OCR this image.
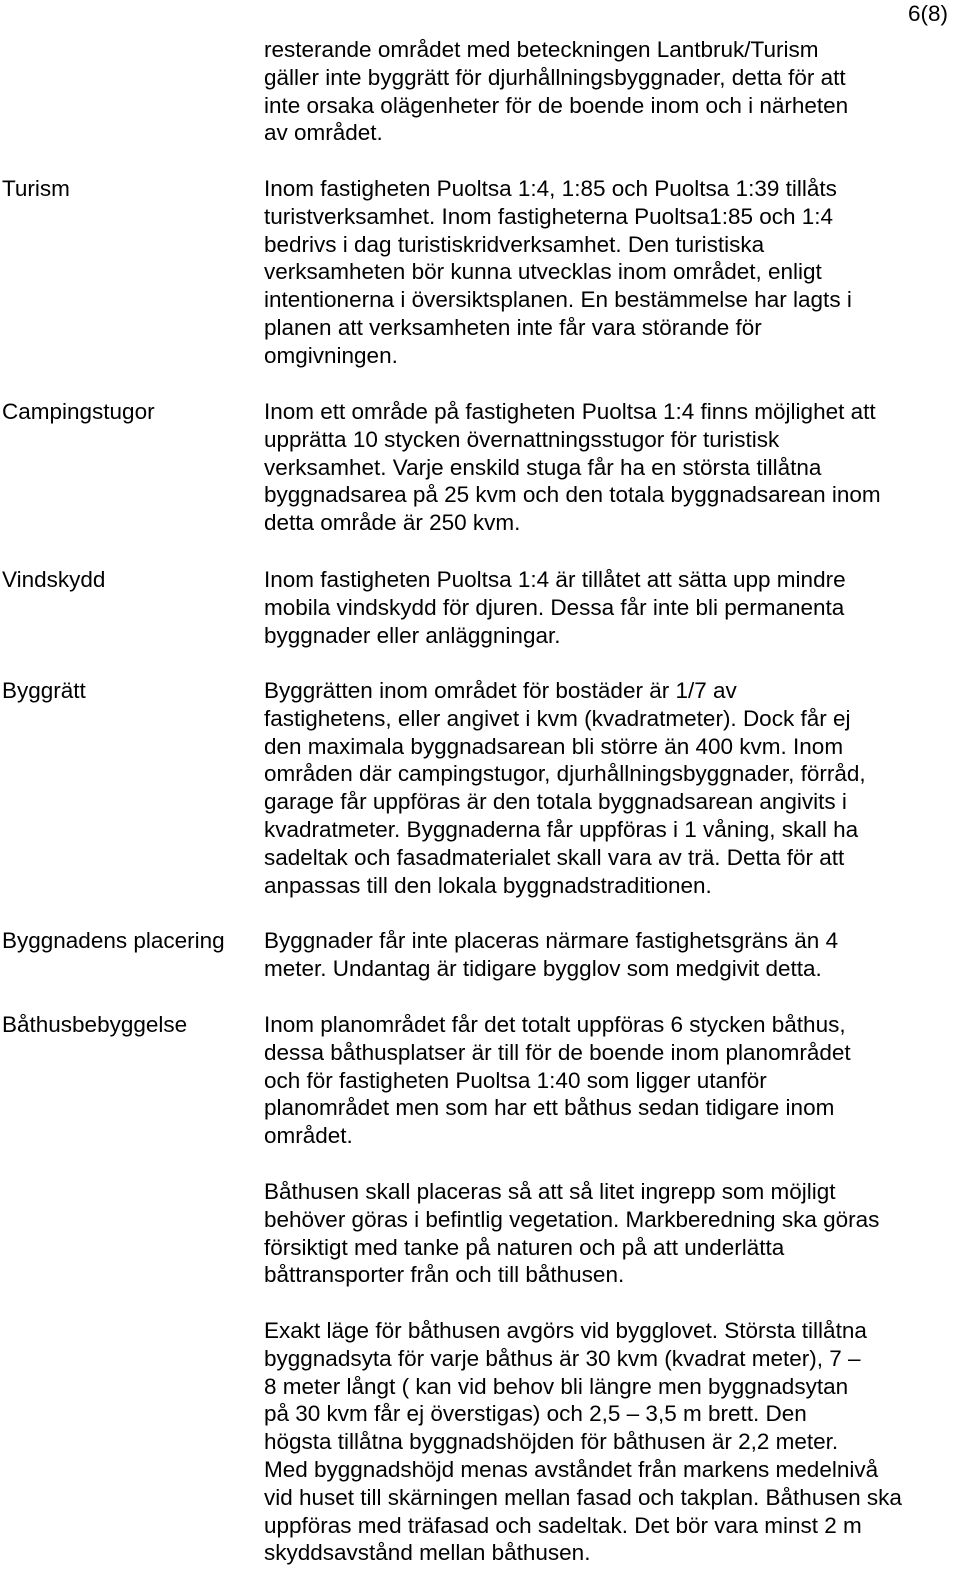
6(8)
resterande området med beteckningen Lantbruk/Turism
gäller inte byggrätt för djurhållningsbyggnader, detta för att
inte orsaka olägenheter för de boende inom och i närheten
av området.
Turism	Inom fastigheten Puoltsa 1:4, 1:85 och Puoltsa 1:39 tillåts
turistverksamhet. Inom fastigheterna Puoltsa1:85 och 1:4
bedrivs i dag turistiskridverksamhet. Den turistiska
verksamheten bör kunna utvecklas inom området, enligt
intentionerna i översiktsplanen. En bestämmelse har lagts i
planen att verksamheten inte får vara störande för
omgivningen.
Campingstugor	Inom ett område på fastigheten Puoltsa 1:4 finns möjlighet att
upprätta 10 stycken övernattningsstugor för turistisk
verksamhet. Varje enskild stuga får ha en största tillåtna
byggnadsarea på 25 kvm och den totala byggnadsarean inom
detta område är 250 kvm.
Vindskydd	Inom fastigheten Puoltsa 1:4 är tillåtet att sätta upp mindre
mobila vindskydd för djuren. Dessa får inte bli permanenta
byggnader eller anläggningar.
Byggrätt	Byggrätten inom området för bostäder är 1/7 av
fastighetens, eller angivet i kvm (kvadratmeter). Dock får ej
den maximala byggnadsarean bli större än 400 kvm. Inom
områden där campingstugor, djurhållningsbyggnader, förråd,
garage får uppföras är den totala byggnadsarean angivits i
kvadratmeter. Byggnaderna får uppföras i 1 våning, skall ha
sadeltak och fasadmaterialet skall vara av trä. Detta för att
anpassas till den lokala byggnadstraditionen.
Byggnadens placering	Byggnader får inte placeras närmare fastighetsgräns än 4
meter. Undantag är tidigare bygglov som medgivit detta.
Båthusbebyggelse	Inom planområdet får det totalt uppföras 6 stycken båthus,
dessa båthusplatser är till för de boende inom planområdet
och för fastigheten Puoltsa 1:40 som ligger utanför
planområdet men som har ett båthus sedan tidigare inom
området.
Båthusen skall placeras så att så litet ingrepp som möjligt
behöver göras i befintlig vegetation. Markberedning ska göras
försiktigt med tanke på naturen och på att underlätta
båttransporter från och till båthusen.
Exakt läge för båthusen avgörs vid bygglovet. Största tillåtna
byggnadsyta för varje båthus är 30 kvm (kvadrat meter), 7 –
8 meter långt ( kan vid behov bli längre men byggnadsytan
på 30 kvm får ej överstigas) och 2,5 – 3,5 m brett. Den
högsta tillåtna byggnadshöjden för båthusen är 2,2 meter.
Med byggnadshöjd menas avståndet från markens medelnivå
vid huset till skärningen mellan fasad och takplan. Båthusen ska
uppföras med träfasad och sadeltak. Det bör vara minst 2 m
skyddsavstånd mellan båthusen.
